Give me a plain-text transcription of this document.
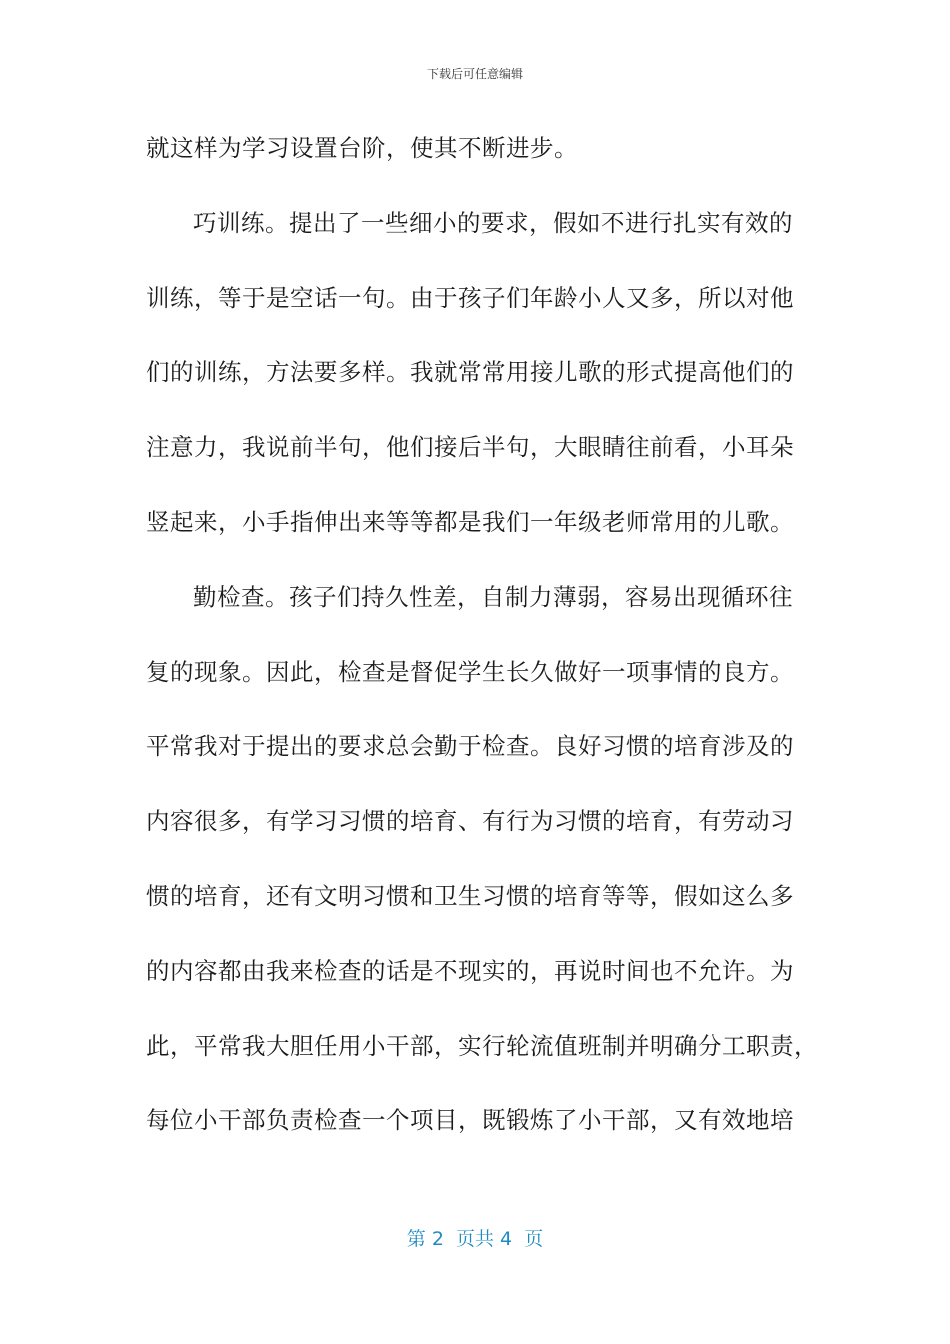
下载后可任意编辑
就这样为学习设置台阶，使其不断进步。
巧训练。提出了一些细小的要求，假如不进行扎实有效的
训练，等于是空话一句。由于孩子们年龄小人又多，所以对他
们的训练，方法要多样。我就常常用接儿歌的形式提高他们的
注意力，我说前半句，他们接后半句，大眼睛往前看，小耳朵
竖起来，小手指伸出来等等都是我们一年级老师常用的儿歌。
勤检查。孩子们持久性差，自制力薄弱，容易出现循环往
复的现象。因此，检查是督促学生长久做好一项事情的良方。
平常我对于提出的要求总会勤于检查。良好习惯的培育涉及的
内容很多，有学习习惯的培育、有行为习惯的培育，有劳动习
惯的培育，还有文明习惯和卫生习惯的培育等等，假如这么多
的内容都由我来检查的话是不现实的，再说时间也不允许。为
此，平常我大胆任用小干部，实行轮流值班制并明确分工职责，
每位小干部负责检查一个项目，既锻炼了小干部，又有效地培
第 2  页共 4  页
